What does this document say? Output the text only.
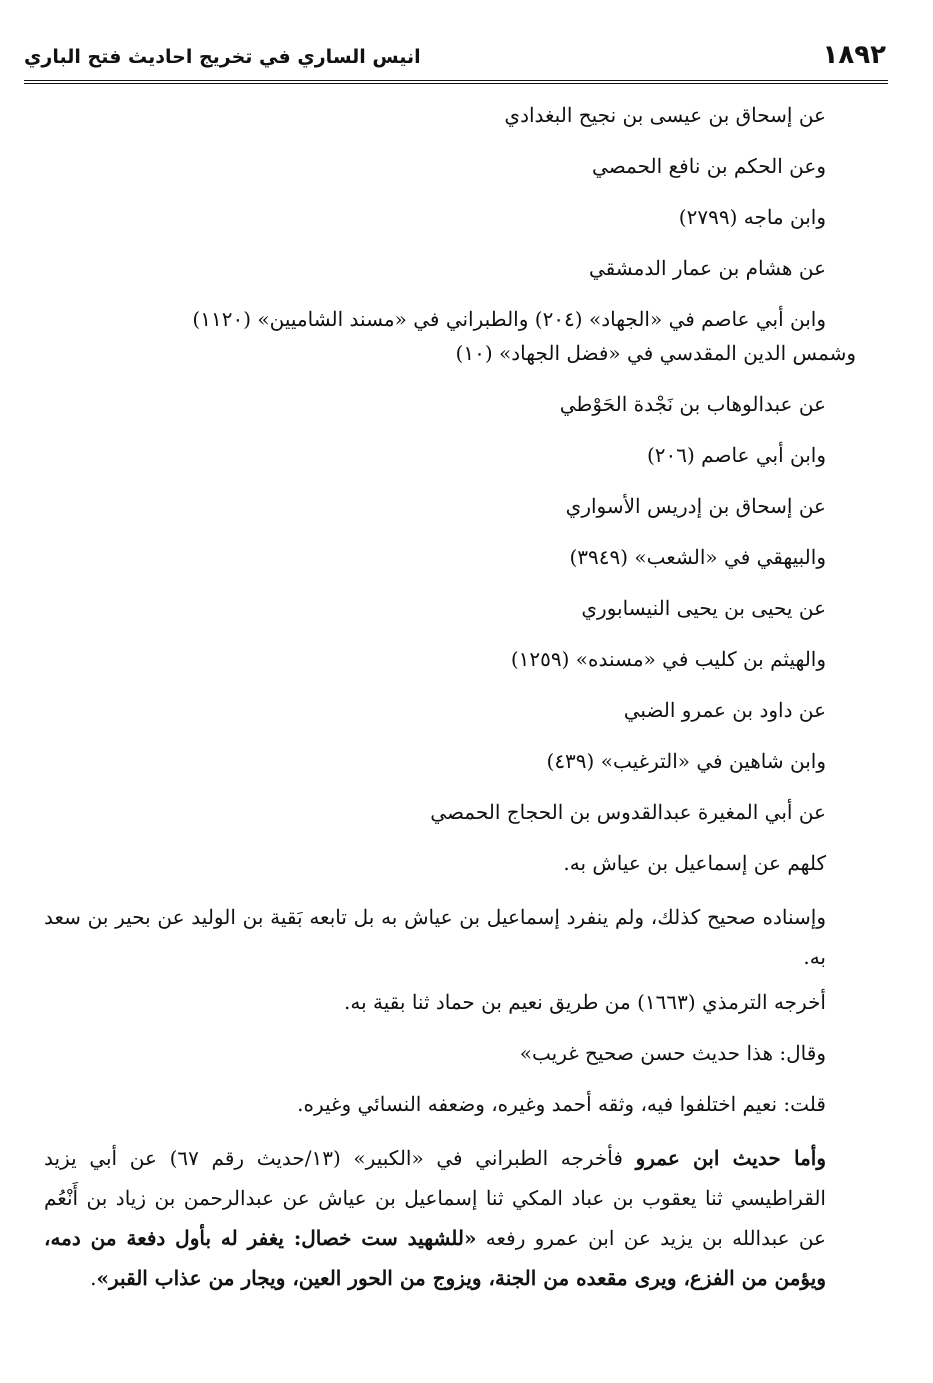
١٨٩٢
انيس الساري في تخريج احاديث فتح الباري

عن إسحاق بن عيسى بن نجيح البغدادي

وعن الحكم بن نافع الحمصي

وابن ماجه (٢٧٩٩)

عن هشام بن عمار الدمشقي

وابن أبي عاصم في «الجهاد» (٢٠٤) والطبراني في «مسند الشاميين» (١١٢٠)

وشمس الدين المقدسي في «فضل الجهاد» (١٠)

عن عبدالوهاب بن نَجْدة الحَوْطي

وابن أبي عاصم (٢٠٦)

عن إسحاق بن إدريس الأسواري

والبيهقي في «الشعب» (٣٩٤٩)

عن يحيى بن يحيى النيسابوري

والهيثم بن كليب في «مسنده» (١٢٥٩)

عن داود بن عمرو الضبي

وابن شاهين في «الترغيب» (٤٣٩)

عن أبي المغيرة عبدالقدوس بن الحجاج الحمصي

كلهم عن إسماعيل بن عياش به.

وإسناده صحيح كذلك، ولم ينفرد إسماعيل بن عياش به بل تابعه بَقية بن الوليد عن بحير بن سعد به.

أخرجه الترمذي (١٦٦٣) من طريق نعيم بن حماد ثنا بقية به.

وقال: هذا حديث حسن صحيح غريب»

قلت: نعيم اختلفوا فيه، وثقه أحمد وغيره، وضعفه النسائي وغيره.

وأما حديث ابن عمرو فأخرجه الطبراني في «الكبير» (١٣/حديث رقم ٦٧) عن أبي يزيد القراطيسي ثنا يعقوب بن عباد المكي ثنا إسماعيل بن عياش عن عبدالرحمن بن زياد بن أَنْعُم عن عبدالله بن يزيد عن ابن عمرو رفعه «للشهيد ست خصال: يغفر له بأول دفعة من دمه، ويؤمن من الفزع، ويرى مقعده من الجنة، ويزوج من الحور العين، ويجار من عذاب القبر».
